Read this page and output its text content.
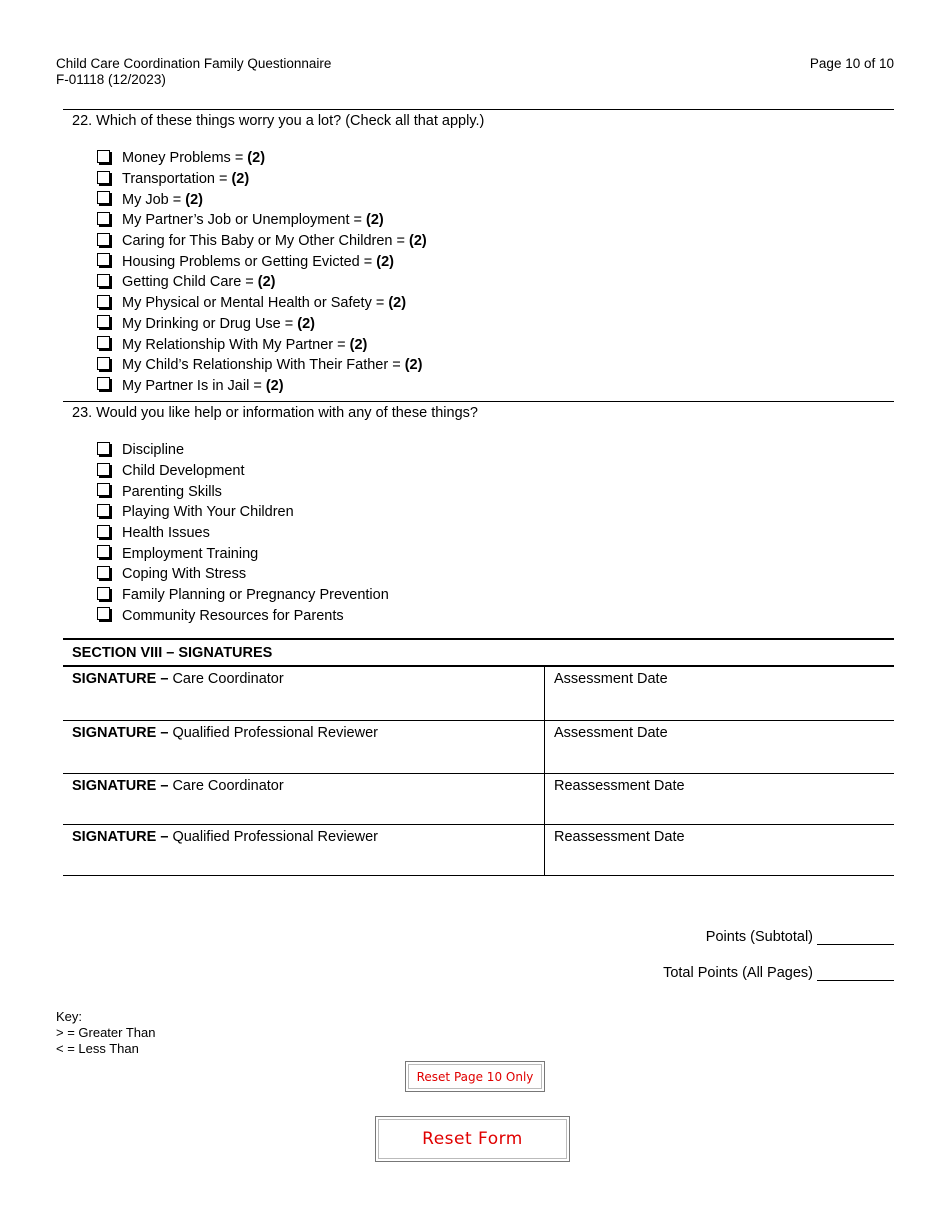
Child Care Coordination Family Questionnaire
F-01118 (12/2023)
Page 10 of 10
22. Which of these things worry you a lot? (Check all that apply.)
Money Problems = (2)
Transportation = (2)
My Job = (2)
My Partner’s Job or Unemployment = (2)
Caring for This Baby or My Other Children = (2)
Housing Problems or Getting Evicted = (2)
Getting Child Care = (2)
My Physical or Mental Health or Safety = (2)
My Drinking or Drug Use = (2)
My Relationship With My Partner = (2)
My Child’s Relationship With Their Father = (2)
My Partner Is in Jail = (2)
23. Would you like help or information with any of these things?
Discipline
Child Development
Parenting Skills
Playing With Your Children
Health Issues
Employment Training
Coping With Stress
Family Planning or Pregnancy Prevention
Community Resources for Parents
SECTION VIII – SIGNATURES
SIGNATURE – Care Coordinator	Assessment Date
SIGNATURE – Qualified Professional Reviewer	Assessment Date
SIGNATURE – Care Coordinator	Reassessment Date
SIGNATURE – Qualified Professional Reviewer	Reassessment Date
Points (Subtotal)
Total Points (All Pages)
Key:
> = Greater Than
< = Less Than
Reset Page 10 Only
Reset Form
